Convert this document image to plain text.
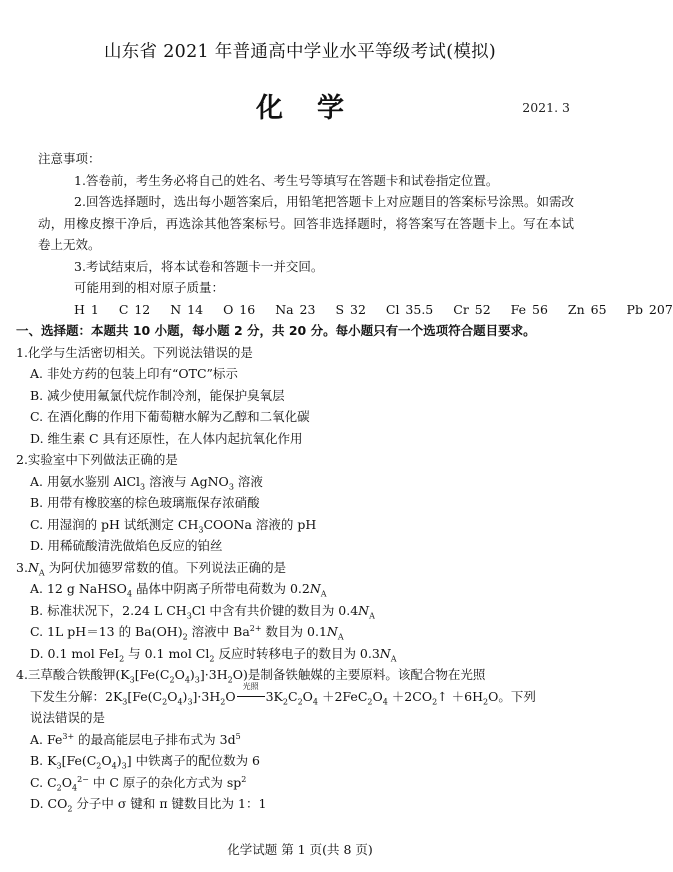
山东省 2021 年普通高中学业水平等级考试(模拟)
化学	2021. 3
注意事项：
1.答卷前，考生务必将自己的姓名、考生号等填写在答题卡和试卷指定位置。
2.回答选择题时，选出每小题答案后，用铅笔把答题卡上对应题目的答案标号涂黑。如需改动，用橡皮擦干净后，再选涂其他答案标号。回答非选择题时，将答案写在答题卡上。写在本试卷上无效。
3.考试结束后，将本试卷和答题卡一并交回。
可能用到的相对原子质量：
H 1 C 12 N 14 O 16 Na 23 S 32 Cl 35.5 Cr 52 Fe 56 Zn 65 Pb 207
一、选择题：本题共 10 小题，每小题 2 分，共 20 分。每小题只有一个选项符合题目要求。
1.化学与生活密切相关。下列说法错误的是
A. 非处方药的包装上印有“OTC”标示
B. 减少使用氟氯代烷作制冷剂，能保护臭氧层
C. 在酒化酶的作用下葡萄糖水解为乙醇和二氧化碳
D. 维生素 C 具有还原性，在人体内起抗氧化作用
2.实验室中下列做法正确的是
A. 用氨水鉴别 AlCl$_3$ 溶液与 AgNO$_3$ 溶液
B. 用带有橡胶塞的棕色玻璃瓶保存浓硝酸
C. 用湿润的 pH 试纸测定 $CH_3COONa$ 溶液的 pH
D. 用稀硫酸清洗做焰色反应的铂丝
$3.N_A$ 为阿伏加德罗常数的值。下列说法正确的是
A. 12 g NaHSO$_4$ 晶体中阴离子所带电荷数为 $0.2N_A$
B. 标准状况下，2.24 L $CH_3Cl$ 中含有共价键的数目为 $0.4N_A$
C. 1L pH＝13 的 $Ba(OH)_2$ 溶液中 $Ba^{2+}$ 数目为 $0.1N_A$
D. 0.1 mol FeI$_2$ 与 0.1 mol $Cl_2$ 反应时转移电子的数目为 $0.3N_A$
4.三草酸合铁酸钾$(K_3[Fe(C_2O_4)_3]\cdot 3H_2O)$是制备铁触媒的主要原料。该配合物在光照
下发生分解：$2K_3[Fe(C_2O_4)_3]\cdot 3H_2O$
光照
$3K_2C_2O_4 +2FeC_2O_4$ $+2CO_2↑ +6H_2O$。下列
说法错误的是
A. $Fe^{3+}$ 的最高能层电子排布式为 $3d^5$
B. $K_3[Fe(C_2O_4)_3]$ 中铁离子的配位数为 6
C. $C_2O_4^{2-}$ 中 C 原子的杂化方式为 $sp^2$
D. $CO_2$ 分子中 σ 键和 π 键数目比为 1：1
化学试题 第 1 页(共 8 页)
